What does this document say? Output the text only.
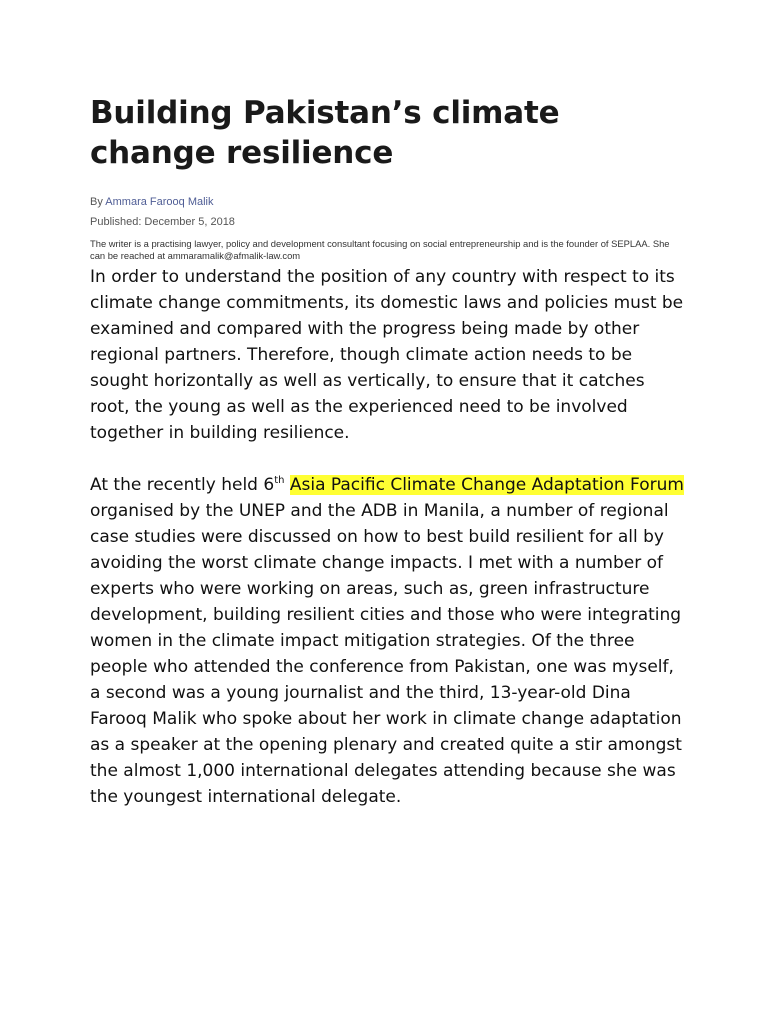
Building Pakistan’s climate change resilience
By Ammara Farooq Malik
Published: December 5, 2018
The writer is a practising lawyer, policy and development consultant focusing on social entrepreneurship and is the founder of SEPLAA. She can be reached at ammaramalik@afmalik-law.com

In order to understand the position of any country with respect to its climate change commitments, its domestic laws and policies must be examined and compared with the progress being made by other regional partners. Therefore, though climate action needs to be sought horizontally as well as vertically, to ensure that it catches root, the young as well as the experienced need to be involved together in building resilience.

At the recently held 6th Asia Pacific Climate Change Adaptation Forum organised by the UNEP and the ADB in Manila, a number of regional case studies were discussed on how to best build resilient for all by avoiding the worst climate change impacts. I met with a number of experts who were working on areas, such as, green infrastructure development, building resilient cities and those who were integrating women in the climate impact mitigation strategies. Of the three people who attended the conference from Pakistan, one was myself, a second was a young journalist and the third, 13-year-old Dina Farooq Malik who spoke about her work in climate change adaptation as a speaker at the opening plenary and created quite a stir amongst the almost 1,000 international delegates attending because she was the youngest international delegate.
